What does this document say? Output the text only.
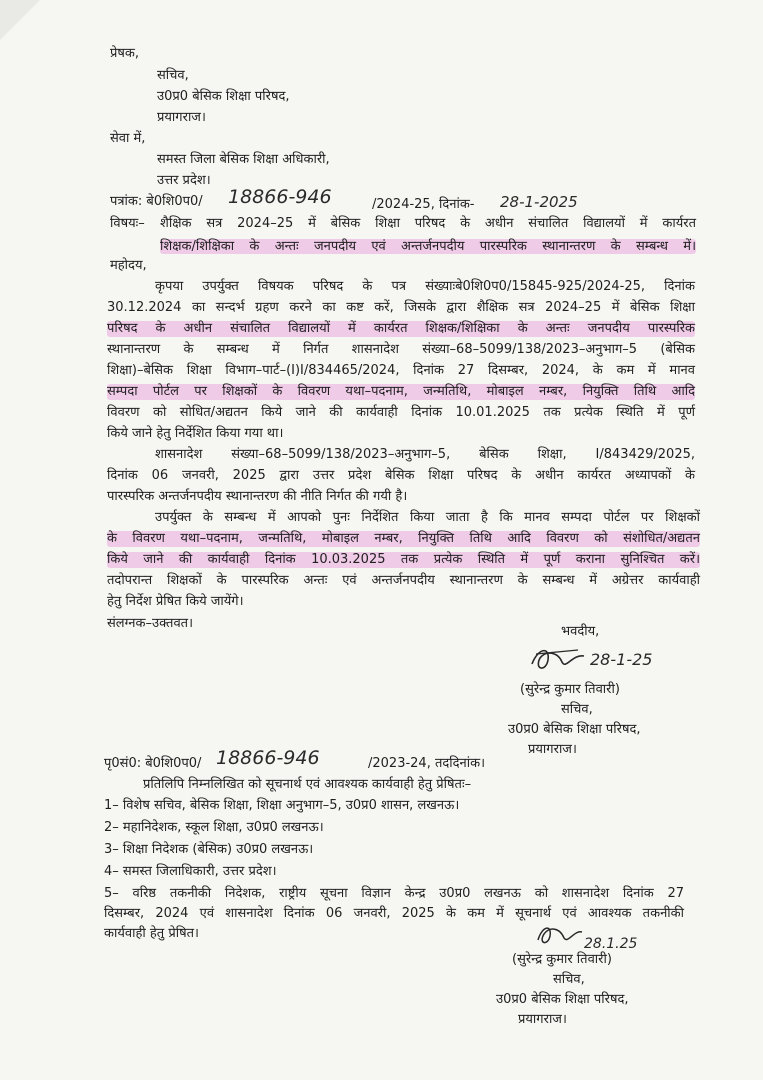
प्रेषक,
सचिव,
उ0प्र0 बेसिक शिक्षा परिषद,
प्रयागराज।
सेवा में,
समस्त जिला बेसिक शिक्षा अधिकारी,
उत्तर प्रदेश।
पत्रांक: बे0शि0प0/ 18866-946	/2024-25, दिनांक- 28-1-2025
विषयः– शैक्षिक सत्र 2024–25 में बेसिक शिक्षा परिषद के अधीन संचालित विद्यालयों में कार्यरत
शिक्षक/शिक्षिका के अन्तः जनपदीय एवं अन्तर्जनपदीय पारस्परिक स्थानान्तरण के सम्बन्ध में।
महोदय,
कृपया उपर्युक्त विषयक परिषद के पत्र संख्याःबे0शि0प0/15845-925/2024-25, दिनांक
30.12.2024 का सन्दर्भ ग्रहण करने का कष्ट करें, जिसके द्वारा शैक्षिक सत्र 2024–25 में बेसिक शिक्षा
परिषद के अधीन संचालित विद्यालयों में कार्यरत शिक्षक/शिक्षिका के अन्तः जनपदीय पारस्परिक
स्थानान्तरण के सम्बन्ध में निर्गत शासनादेश संख्या–68–5099/138/2023–अनुभाग–5 (बेसिक
शिक्षा)–बेसिक शिक्षा विभाग–पार्ट–(I)I/834465/2024, दिनांक 27 दिसम्बर, 2024, के कम में मानव
सम्पदा पोर्टल पर शिक्षकों के विवरण यथा–पदनाम, जन्मतिथि, मोबाइल नम्बर, नियुक्ति तिथि आदि
विवरण को सोधित/अद्यतन किये जाने की कार्यवाही दिनांक 10.01.2025 तक प्रत्येक स्थिति में पूर्ण
किये जाने हेतु निर्देशित किया गया था।
शासनादेश संख्या–68–5099/138/2023–अनुभाग–5, बेसिक शिक्षा, I/843429/2025,
दिनांक 06 जनवरी, 2025 द्वारा उत्तर प्रदेश बेसिक शिक्षा परिषद के अधीन कार्यरत अध्यापकों के
पारस्परिक अन्तर्जनपदीय स्थानान्तरण की नीति निर्गत की गयी है।
उपर्युक्त के सम्बन्ध में आपको पुनः निर्देशित किया जाता है कि मानव सम्पदा पोर्टल पर शिक्षकों
के विवरण यथा–पदनाम, जन्मतिथि, मोबाइल नम्बर, नियुक्ति तिथि आदि विवरण को संशोधित/अद्यतन
किये जाने की कार्यवाही दिनांक 10.03.2025 तक प्रत्येक स्थिति में पूर्ण कराना सुनिश्चित करें।
तदोपरान्त शिक्षकों के पारस्परिक अन्तः एवं अन्तर्जनपदीय स्थानान्तरण के सम्बन्ध में अग्रेत्तर कार्यवाही
हेतु निर्देश प्रेषित किये जायेंगे।
संलग्नक–उक्तवत।
भवदीय,
28-1-25
(सुरेन्द्र कुमार तिवारी)
सचिव,
उ0प्र0 बेसिक शिक्षा परिषद,
प्रयागराज।
पृ0सं0: बे0शि0प0/ 18866-946	/2023-24, तददिनांक।
प्रतिलिपि निम्नलिखित को सूचनार्थ एवं आवश्यक कार्यवाही हेतु प्रेषितः–
1– विशेष सचिव, बेसिक शिक्षा, शिक्षा अनुभाग–5, उ0प्र0 शासन, लखनऊ।
2– महानिदेशक, स्कूल शिक्षा, उ0प्र0 लखनऊ।
3– शिक्षा निदेशक (बेसिक) उ0प्र0 लखनऊ।
4– समस्त जिलाधिकारी, उत्तर प्रदेश।
5– वरिष्ठ तकनीकी निदेशक, राष्ट्रीय सूचना विज्ञान केन्द्र उ0प्र0 लखनऊ को शासनादेश दिनांक 27
दिसम्बर, 2024 एवं शासनादेश दिनांक 06 जनवरी, 2025 के कम में सूचनार्थ एवं आवश्यक तकनीकी
कार्यवाही हेतु प्रेषित।
28.1.25
(सुरेन्द्र कुमार तिवारी)
सचिव,
उ0प्र0 बेसिक शिक्षा परिषद,
प्रयागराज।
